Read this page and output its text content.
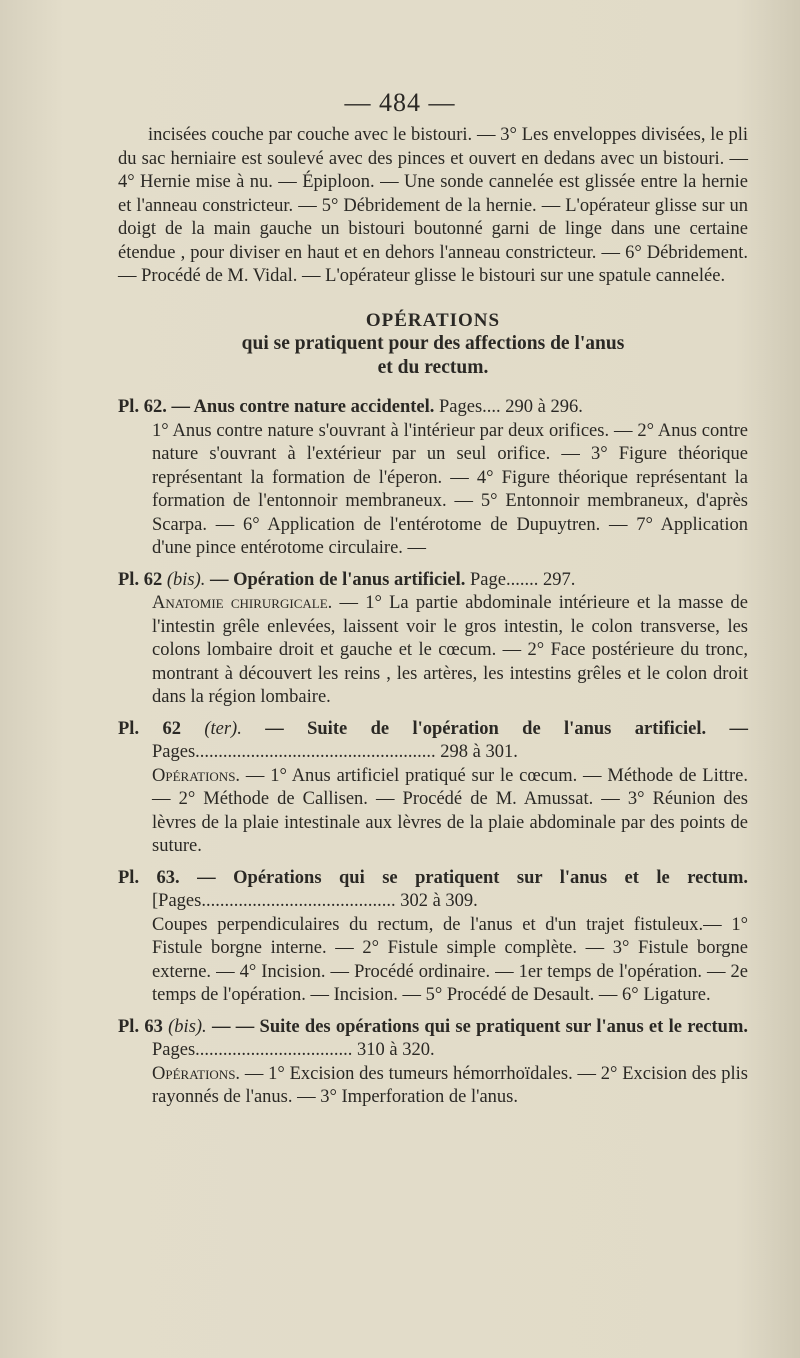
— 484 —

incisées couche par couche avec le bistouri. — 3° Les enveloppes divisées, le pli du sac herniaire est soulevé avec des pinces et ouvert en dedans avec un bistouri. — 4° Hernie mise à nu. — Épiploon. — Une sonde cannelée est glissée entre la hernie et l'anneau constricteur. — 5° Débridement de la hernie. — L'opérateur glisse sur un doigt de la main gauche un bistouri boutonné garni de linge dans une certaine étendue , pour diviser en haut et en dehors l'anneau constricteur. — 6° Débridement. — Procédé de M. Vidal. — L'opérateur glisse le bistouri sur une spatule cannelée.

OPÉRATIONS

qui se pratiquent pour des affections de l'anus
et du rectum.

Pl. 62. — Anus contre nature accidentel. Pages.... 290 à 296.

1° Anus contre nature s'ouvrant à l'intérieur par deux orifices. — 2° Anus contre nature s'ouvrant à l'extérieur par un seul orifice. — 3° Figure théorique représentant la formation de l'éperon. — 4° Figure théorique représentant la formation de l'entonnoir membraneux. — 5° Entonnoir membraneux, d'après Scarpa. — 6° Application de l'entérotome de Dupuytren. — 7° Application d'une pince entérotome circulaire. —

Pl. 62 (bis). — Opération de l'anus artificiel. Page....... 297.

Anatomie chirurgicale. — 1° La partie abdominale intérieure et la masse de l'intestin grêle enlevées, laissent voir le gros intestin, le colon transverse, les colons lombaire droit et gauche et le cœcum. — 2° Face postérieure du tronc, montrant à découvert les reins , les artères, les intestins grêles et le colon droit dans la région lombaire.

Pl. 62 (ter). — Suite de l'opération de l'anus artificiel. — Pages.................................................... 298 à 301.

Opérations. — 1° Anus artificiel pratiqué sur le cœcum. — Méthode de Littre. — 2° Méthode de Callisen. — Procédé de M. Amussat. — 3° Réunion des lèvres de la plaie intestinale aux lèvres de la plaie abdominale par des points de suture.

Pl. 63. — Opérations qui se pratiquent sur l'anus et le rectum. [Pages.......................................... 302 à 309.

Coupes perpendiculaires du rectum, de l'anus et d'un trajet fistuleux.— 1° Fistule borgne interne. — 2° Fistule simple complète. — 3° Fistule borgne externe. — 4° Incision. — Procédé ordinaire. — 1er temps de l'opération. — 2e temps de l'opération. — Incision. — 5° Procédé de Desault. — 6° Ligature.

Pl. 63 (bis). — — Suite des opérations qui se pratiquent sur l'anus et le rectum. Pages.................................. 310 à 320.

Opérations. — 1° Excision des tumeurs hémorrhoïdales. — 2° Excision des plis rayonnés de l'anus. — 3° Imperforation de l'anus.
